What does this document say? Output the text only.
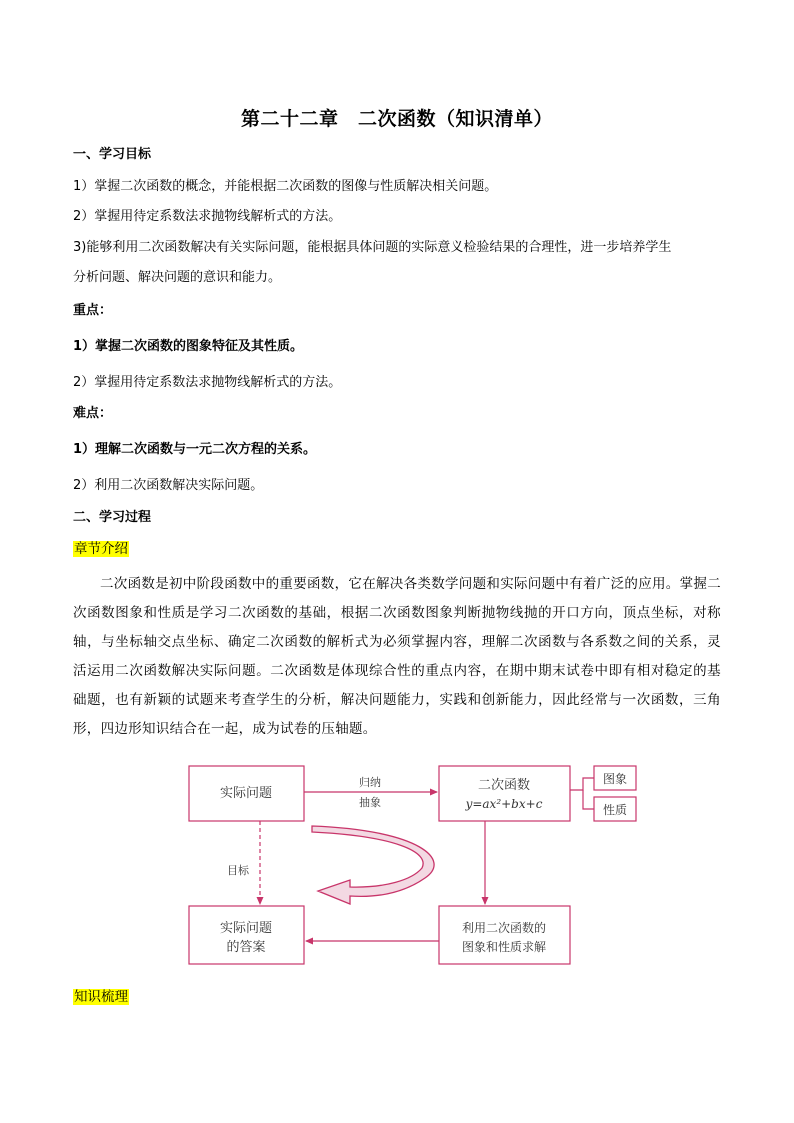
第二十二章　二次函数（知识清单）
一、学习目标
1）掌握二次函数的概念，并能根据二次函数的图像与性质解决相关问题。
2）掌握用待定系数法求抛物线解析式的方法。
3)能够利用二次函数解决有关实际问题，能根据具体问题的实际意义检验结果的合理性，进一步培养学生
分析问题、解决问题的意识和能力。
重点：
1）掌握二次函数的图象特征及其性质。
2）掌握用待定系数法求抛物线解析式的方法。
难点：
1）理解二次函数与一元二次方程的关系。
2）利用二次函数解决实际问题。
二、学习过程
章节介绍
二次函数是初中阶段函数中的重要函数，它在解决各类数学问题和实际问题中有着广泛的应用。掌握二次函数图象和性质是学习二次函数的基础，根据二次函数图象判断抛物线抛的开口方向，顶点坐标，对称轴，与坐标轴交点坐标、确定二次函数的解析式为必须掌握内容，理解二次函数与各系数之间的关系，灵活运用二次函数解决实际问题。二次函数是体现综合性的重点内容，在期中期末试卷中即有相对稳定的基础题，也有新颖的试题来考查学生的分析，解决问题能力，实践和创新能力，因此经常与一次函数，三角形，四边形知识结合在一起，成为试卷的压轴题。
实际问题
归纳
抽象
二次函数
y=ax²+bx+c
图象
性质
目标
实际问题
的答案
利用二次函数的
图象和性质求解
知识梳理
